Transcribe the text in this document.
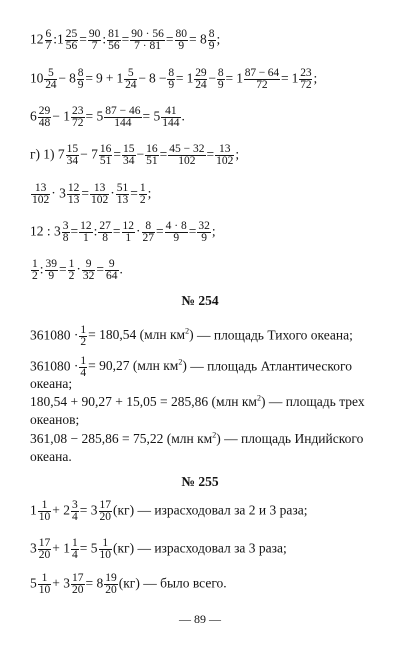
$12 \frac{6}{7}$ :1 $\frac{25}{56} = \frac{90}{7}$ : $\frac{81}{56} = \frac{90 \cdot 56}{7 \cdot 81} = \frac{80}{9} = 8 \frac{8}{9}$ ;
$10 \frac{5}{24} - 8 \frac{8}{9} = 9 + 1 \frac{5}{24} - 8 - \frac{8}{9} = 1 \frac{29}{24} - \frac{8}{9} = 1 \frac{87 - 64}{72} = 1 \frac{23}{72}$ ;
$6 \frac{29}{48} - 1 \frac{23}{72} = 5 \frac{87 - 46}{144} = 5 \frac{41}{144}$ .
г) 1) $7 \frac{15}{34} - 7 \frac{16}{51} = \frac{15}{34} - \frac{16}{51} = \frac{45 - 32}{102} = \frac{13}{102}$ ;
$\frac{13}{102} \cdot 3 \frac{12}{13} = \frac{13}{102} \cdot \frac{51}{13} = \frac{1}{2}$ ;
12 : $3 \frac{3}{8} = \frac{12}{1}$ : $\frac{27}{8} = \frac{12}{1} \cdot \frac{8}{27} = \frac{4 \cdot 8}{9} = \frac{32}{9}$ ;
$\frac{1}{2}$ : $\frac{39}{9} = \frac{1}{2} \cdot \frac{9}{32} = \frac{9}{64}$ .
№ 254
$361080 \cdot \frac{1}{2} = 180,54$ (млн $км^2$) — площадь Тихого океана;
$361080 \cdot \frac{1}{4} = 90,27$ (млн $км^2$) — площадь Атлантического
океана;
180,54 + 90,27 + 15,05 = 285,86 (млн $км^2$) — площадь трех
океанов;
361,08 − 285,86 = 75,22 (млн $км^2$) — площадь Индийского
океана.
№ 255
$1 \frac{1}{10} + 2 \frac{3}{4} = 3 \frac{17}{20} (кг)$ — израсходовал за 2 и 3 раза;
$3 \frac{17}{20} + 1 \frac{1}{4} = 5 \frac{1}{10} (кг)$ — израсходовал за 3 раза;
$5 \frac{1}{10} + 3 \frac{17}{20} = 8 \frac{19}{20} (кг)$ — было всего.
— 89 —
